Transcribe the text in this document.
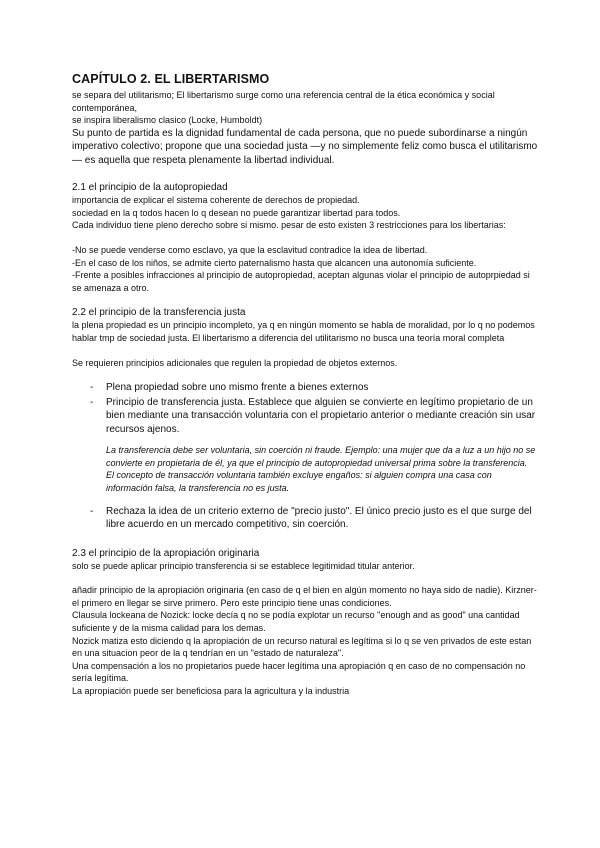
CAPÍTULO 2. EL LIBERTARISMO

se separa del utilitarismo; El libertarismo surge como una referencia central de la ética económica y social contemporánea,

se inspira liberalismo clasico (Locke, Humboldt)

Su punto de partida es la dignidad fundamental de cada persona, que no puede subordinarse a ningún imperativo colectivo; propone que una sociedad justa —y no simplemente feliz como busca el utilitarismo— es aquella que respeta plenamente la libertad individual.

2.1 el principio de la autopropiedad

importancia de explicar el sistema coherente de derechos de propiedad.

sociedad en la q todos hacen lo q desean no puede garantizar libertad para todos.

Cada individuo tiene pleno derecho sobre si mismo. pesar de esto existen 3 restricciones para los libertarias:

-No se puede venderse como esclavo, ya que la esclavitud contradice la idea de libertad.

-En el caso de los niños, se admite cierto paternalismo hasta que alcancen una autonomía suficiente.

-Frente a posibles infracciones al principio de autopropiedad, aceptan algunas violar el principio de autoprpiedad si se amenaza a otro.

2.2 el principio de la transferencia justa

la plena propiedad es un principio incompleto, ya q en ningún momento se habla de moralidad, por lo q no podemos hablar tmp de sociedad justa. El libertarismo a diferencia del utilitarismo no busca una teoría moral completa

Se requieren principios adicionales que regulen la propiedad de objetos externos.

- Plena propiedad sobre uno mismo frente a bienes externos
- Principio de transferencia justa. Establece que alguien se convierte en legítimo propietario de un bien mediante una transacción voluntaria con el propietario anterior o mediante creación sin usar recursos ajenos.

La transferencia debe ser voluntaria, sin coerción ni fraude. Ejemplo: una mujer que da a luz a un hijo no se convierte en propietaria de él, ya que el principio de autopropiedad universal prima sobre la transferencia.

El concepto de transacción voluntaria también excluye engaños: si alguien compra una casa con información falsa, la transferencia no es justa.

- Rechaza la idea de un criterio externo de "precio justo". El único precio justo es el que surge del libre acuerdo en un mercado competitivo, sin coerción.

2.3 el principio de la apropiación originaria

solo se puede aplicar principio transferencia si se establece legitimidad titular anterior.

añadir principio de la apropiación originaria (en caso de q el bien en algún momento no haya sido de nadie). Kirzner- el primero en llegar se sirve primero. Pero este principio tiene unas condiciones.

Clausula lockeana de Nozick: locke decía q no se podía explotar un recurso "enough and as good" una cantidad suficiente y de la misma calidad para los demas.

Nozick matiza esto diciendo q la apropiación de un recurso natural es legítima si lo q se ven privados de este estan en una situacion peor de la q tendrían en un "estado de naturaleza".

Una compensación a los no propietarios puede hacer legítima una apropiación q en caso de no compensación no sería legítima.

La apropiación puede ser beneficiosa para la agricultura y la industria
